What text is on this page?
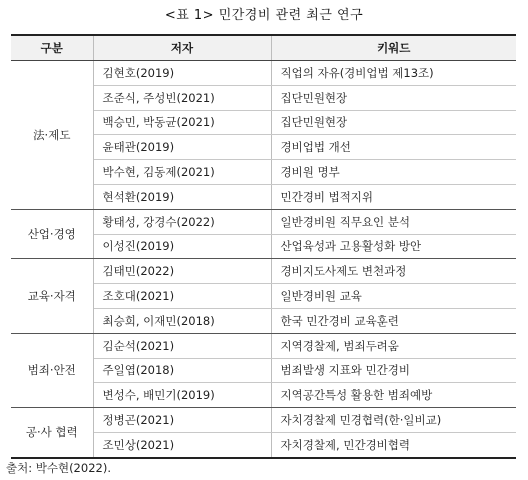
<표 1> 민간경비 관련 최근 연구
구분	저자	키워드
法·제도	김현호(2019)	직업의 자유(경비업법 제13조)
	조준식, 주성빈(2021)	집단민원현장
	백승민, 박동균(2021)	집단민원현장
	윤태관(2019)	경비업법 개선
	박수현, 김동제(2021)	경비원 명부
	현석환(2019)	민간경비 법적지위
산업·경영	황태성, 강경수(2022)	일반경비원 직무요인 분석
	이성진(2019)	산업육성과 고용활성화 방안
교육·자격	김태민(2022)	경비지도사제도 변천과정
	조호대(2021)	일반경비원 교육
	최승희, 이재민(2018)	한국 민간경비 교육훈련
범죄·안전	김순석(2021)	지역경찰제, 범죄두려움
	주일엽(2018)	범죄발생 지표와 민간경비
	변성수, 배민기(2019)	지역공간특성 활용한 범죄예방
공·사 협력	정병곤(2021)	자치경찰제 민경협력(한·일비교)
	조민상(2021)	자치경찰제, 민간경비협력
출처: 박수현(2022).
